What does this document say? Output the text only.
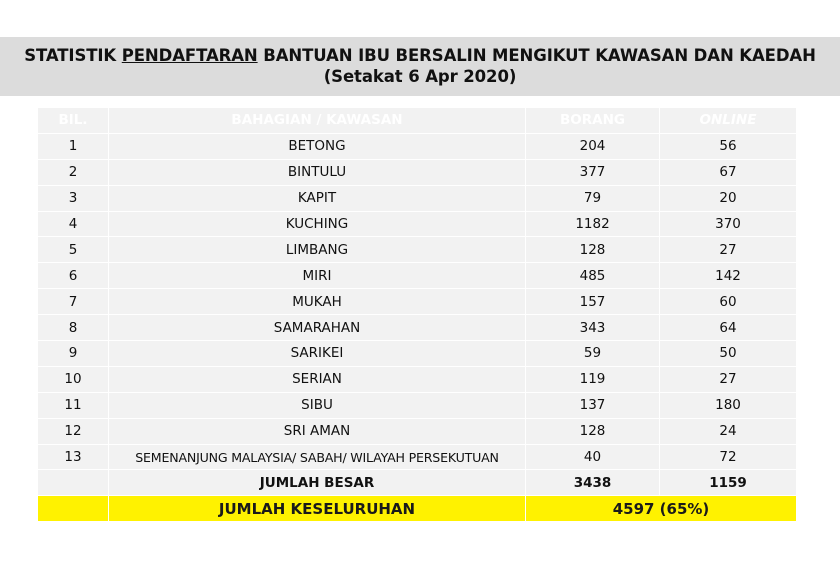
STATISTIK PENDAFTARAN BANTUAN IBU BERSALIN MENGIKUT KAWASAN DAN KAEDAH
(Setakat 6 Apr 2020)
BIL.	BAHAGIAN / KAWASAN	BORANG	ONLINE
1	BETONG	204	56
2	BINTULU	377	67
3	KAPIT	79	20
4	KUCHING	1182	370
5	LIMBANG	128	27
6	MIRI	485	142
7	MUKAH	157	60
8	SAMARAHAN	343	64
9	SARIKEI	59	50
10	SERIAN	119	27
11	SIBU	137	180
12	SRI AMAN	128	24
13	SEMENANJUNG MALAYSIA/ SABAH/ WILAYAH PERSEKUTUAN	40	72
	JUMLAH BESAR	3438	1159
	JUMLAH KESELURUHAN	4597 (65%)	
